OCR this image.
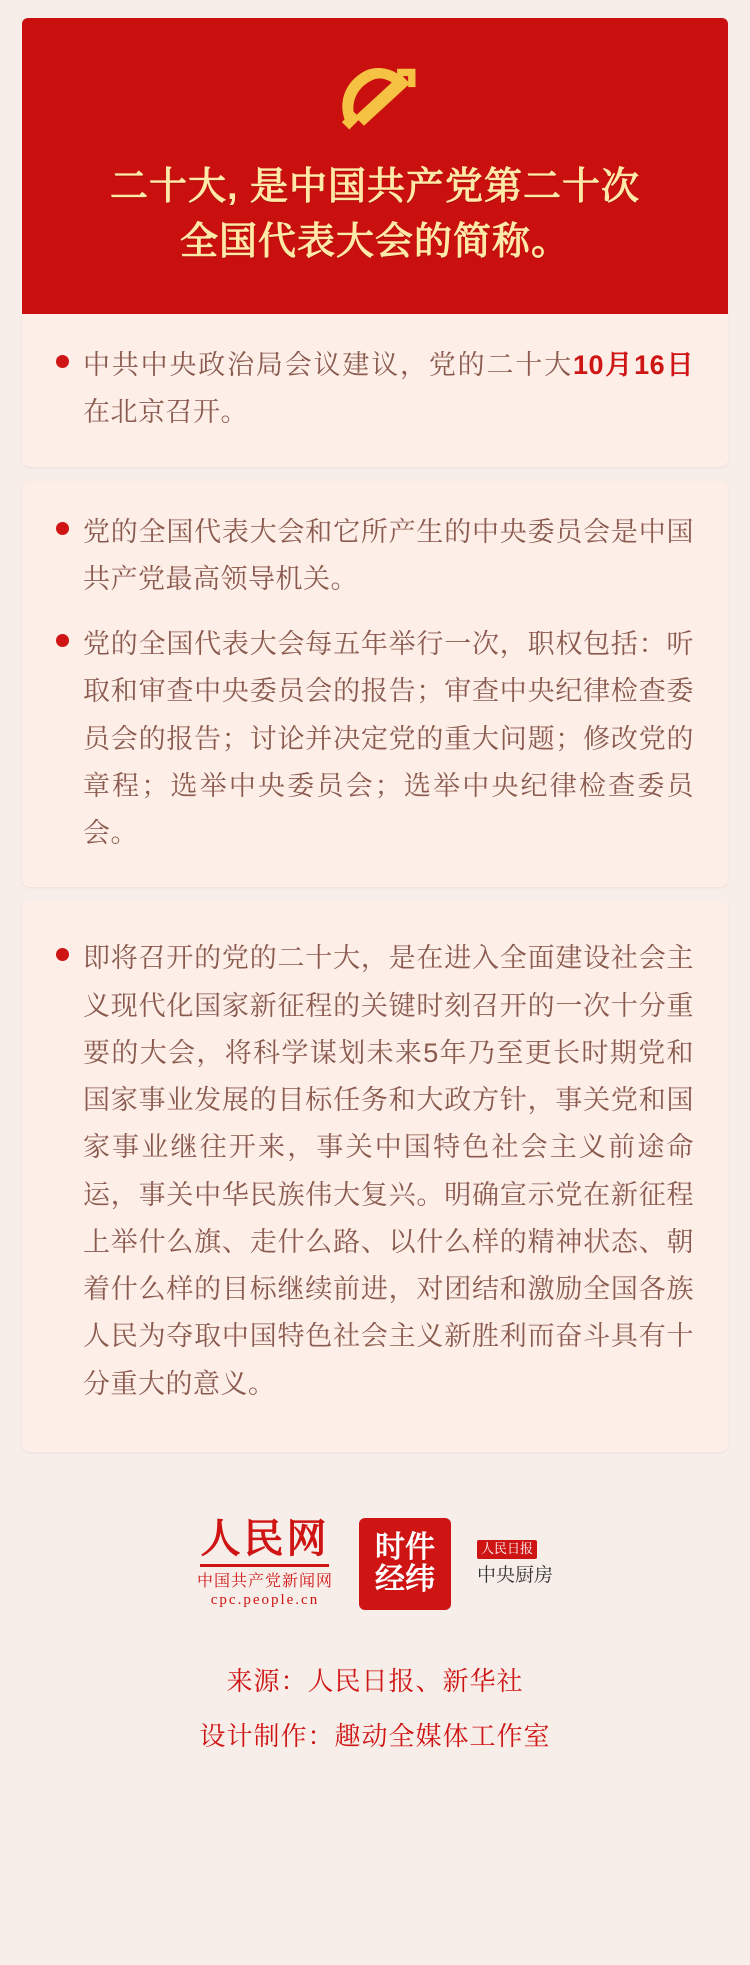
二十大, 是中国共产党第二十次
全国代表大会的简称。

中共中央政治局会议建议，党的二十大10月16日在北京召开。

党的全国代表大会和它所产生的中央委员会是中国共产党最高领导机关。

党的全国代表大会每五年举行一次，职权包括：听取和审查中央委员会的报告；审查中央纪律检查委员会的报告；讨论并决定党的重大问题；修改党的章程；选举中央委员会；选举中央纪律检查委员会。

即将召开的党的二十大，是在进入全面建设社会主义现代化国家新征程的关键时刻召开的一次十分重要的大会，将科学谋划未来5年乃至更长时期党和国家事业发展的目标任务和大政方针，事关党和国家事业继往开来，事关中国特色社会主义前途命运，事关中华民族伟大复兴。明确宣示党在新征程上举什么旗、走什么路、以什么样的精神状态、朝着什么样的目标继续前进，对团结和激励全国各族人民为夺取中国特色社会主义新胜利而奋斗具有十分重大的意义。

人民网
中国共产党新闻网
cpc.people.cn
时件经纬
人民日报
中央厨房
来源：人民日报、新华社
设计制作：趣动全媒体工作室
